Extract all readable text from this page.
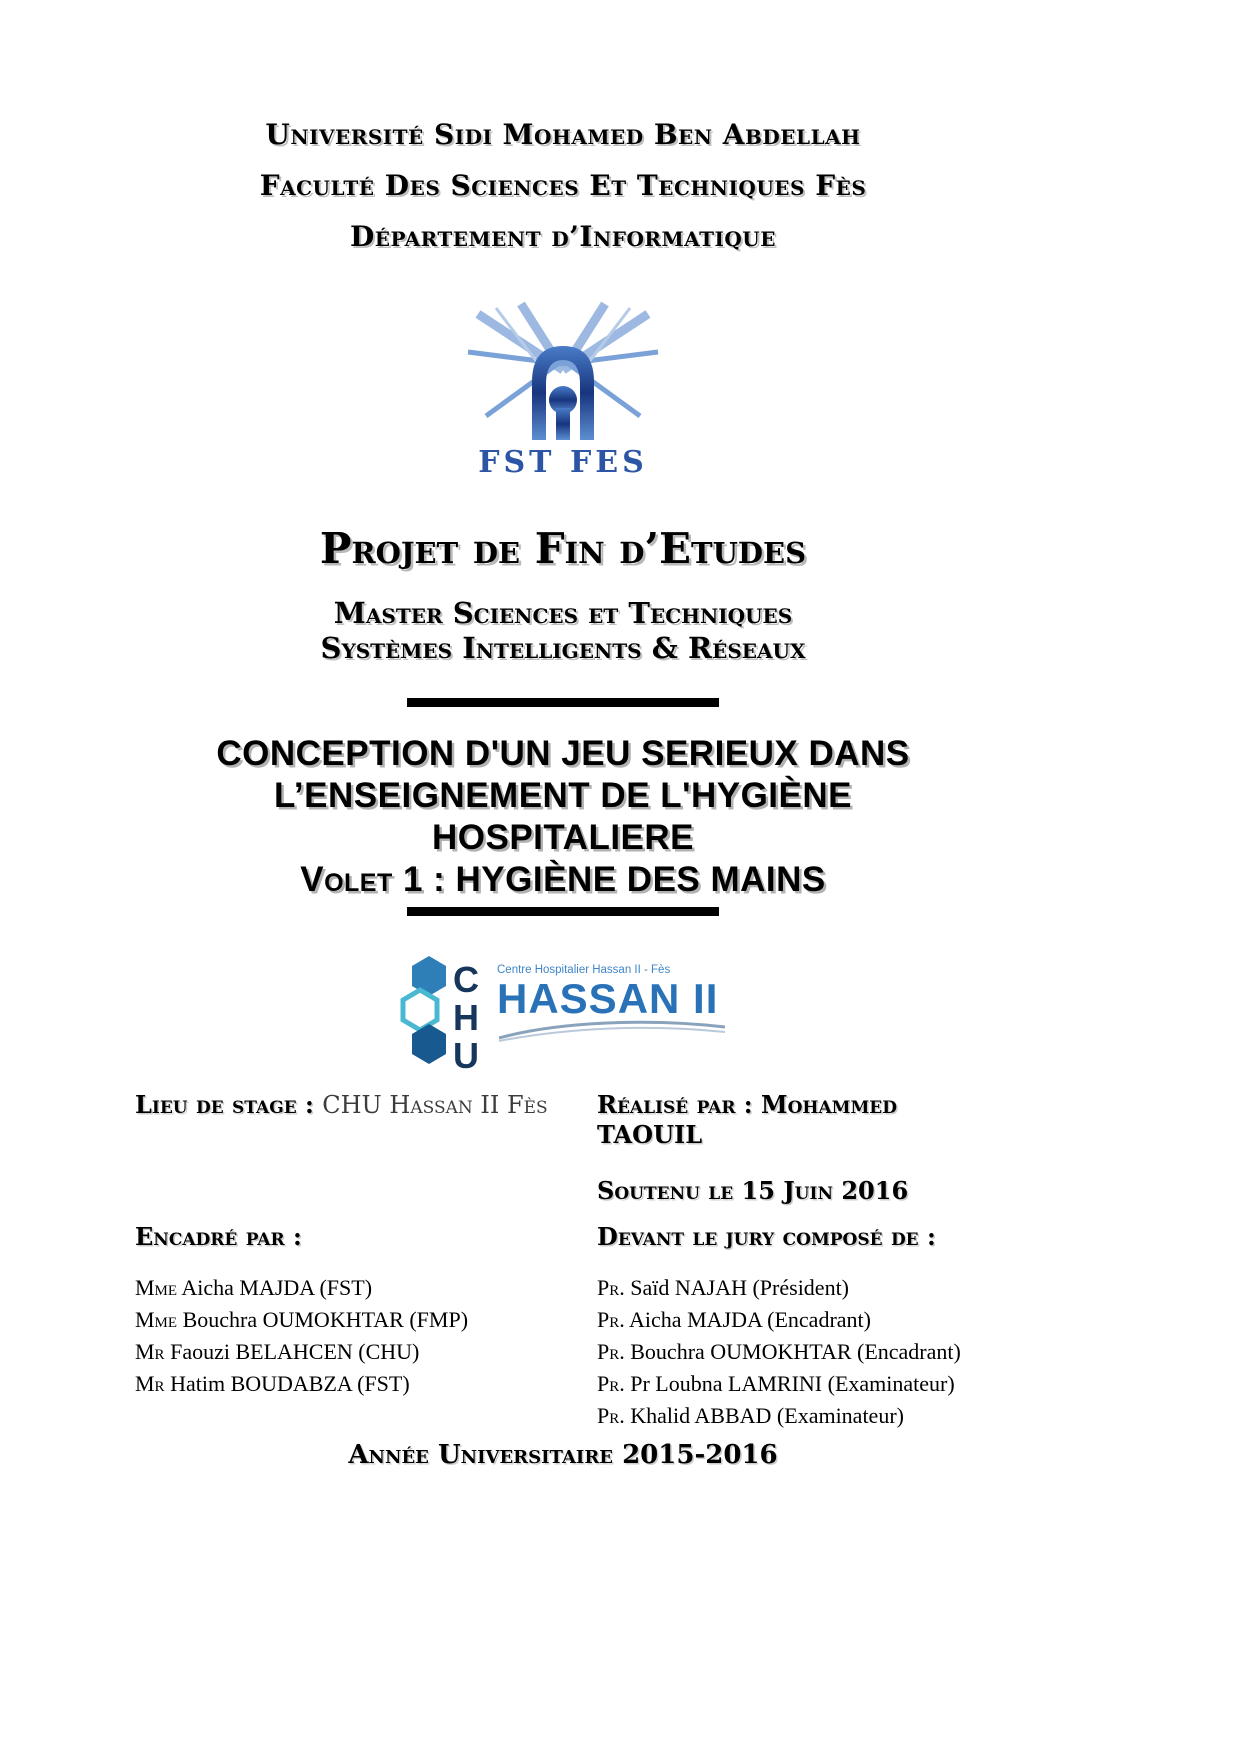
Université Sidi Mohamed Ben Abdellah
Faculté Des Sciences Et Techniques Fès
Département d’Informatique
FST FES
Projet de Fin d’Etudes
Master Sciences et Techniques
Systèmes Intelligents & Réseaux
CONCEPTION D'UN JEU SERIEUX DANS
L’ENSEIGNEMENT DE L'HYGIÈNE
HOSPITALIERE
Volet 1 : HYGIÈNE DES MAINS
C
H
U
Centre Hospitalier Hassan II - Fès
HASSAN II
Lieu de stage : CHU Hassan II Fès	Réalisé par : Mohammed TAOUIL
Soutenu le 15 Juin 2016
Encadré par :	Devant le jury composé de :
Mme Aicha MAJDA (FST)
Mme Bouchra OUMOKHTAR (FMP)
Mr Faouzi BELAHCEN (CHU)
Mr Hatim BOUDABZA (FST)
Pr. Saïd NAJAH (Président)
Pr. Aicha MAJDA (Encadrant)
Pr. Bouchra OUMOKHTAR (Encadrant)
Pr. Pr Loubna LAMRINI (Examinateur)
Pr. Khalid ABBAD (Examinateur)
Année Universitaire 2015-2016
